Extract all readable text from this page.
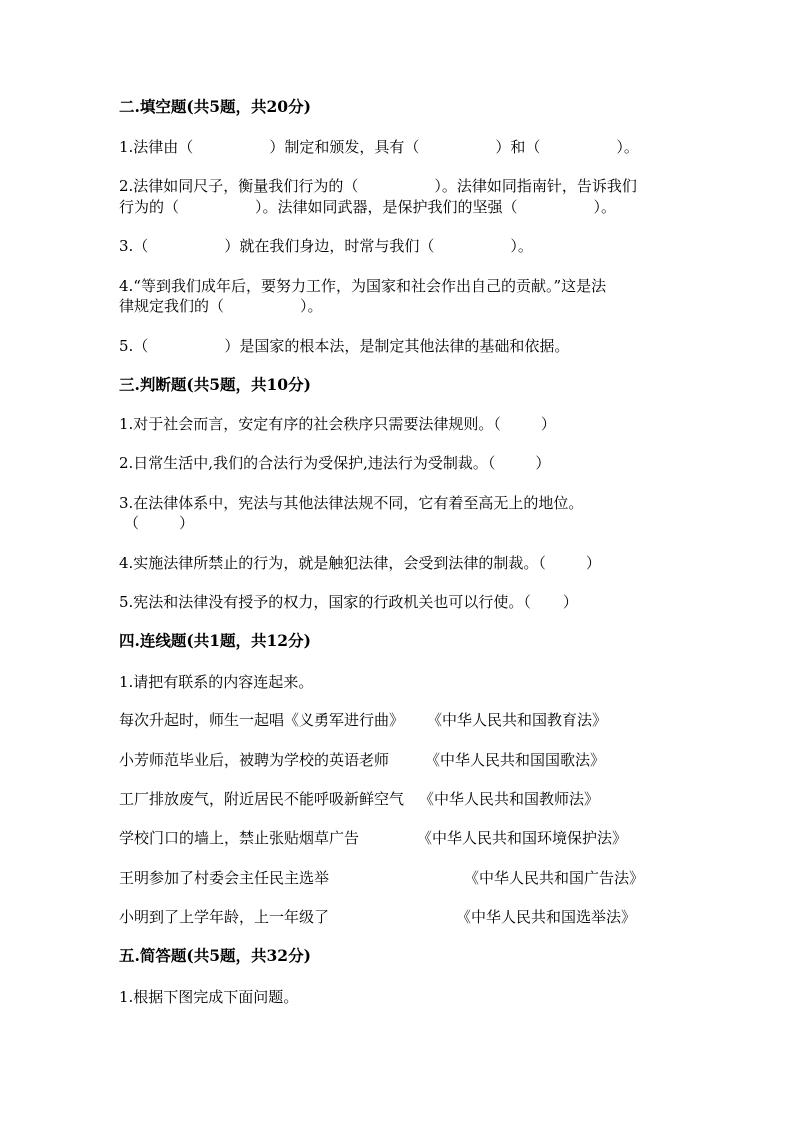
二.填空题(共5题，共20分)
1.法律由（	）制定和颁发，具有（	）和（	）。
2.法律如同尺子，衡量我们行为的（	）。法律如同指南针，告诉我们
行为的（	）。法律如同武器，是保护我们的坚强（	）。
3.（	）就在我们身边，时常与我们（	）。
4.“等到我们成年后，要努力工作，为国家和社会作出自己的贡献。”这是法
律规定我们的（	）。
5.（	）是国家的根本法，是制定其他法律的基础和依据。
三.判断题(共5题，共10分)
1.对于社会而言，安定有序的社会秩序只需要法律规则。（	）
2.日常生活中,我们的合法行为受保护,违法行为受制裁。（	）
3.在法律体系中，宪法与其他法律法规不同，它有着至高无上的地位。
（	）
4.实施法律所禁止的行为，就是触犯法律，会受到法律的制裁。（	）
5.宪法和法律没有授予的权力，国家的行政机关也可以行使。（ ）
四.连线题(共1题，共12分)
1.请把有联系的内容连起来。
每次升起时，师生一起唱《义勇军进行曲》 《中华人民共和国教育法》
小芳师范毕业后，被聘为学校的英语老师 《中华人民共和国国歌法》
工厂排放废气，附近居民不能呼吸新鲜空气 《中华人民共和国教师法》
学校门口的墙上，禁止张贴烟草广告	《中华人民共和国环境保护法》
王明参加了村委会主任民主选举	《中华人民共和国广告法》
小明到了上学年龄，上一年级了	《中华人民共和国选举法》
五.简答题(共5题，共32分)
1.根据下图完成下面问题。
